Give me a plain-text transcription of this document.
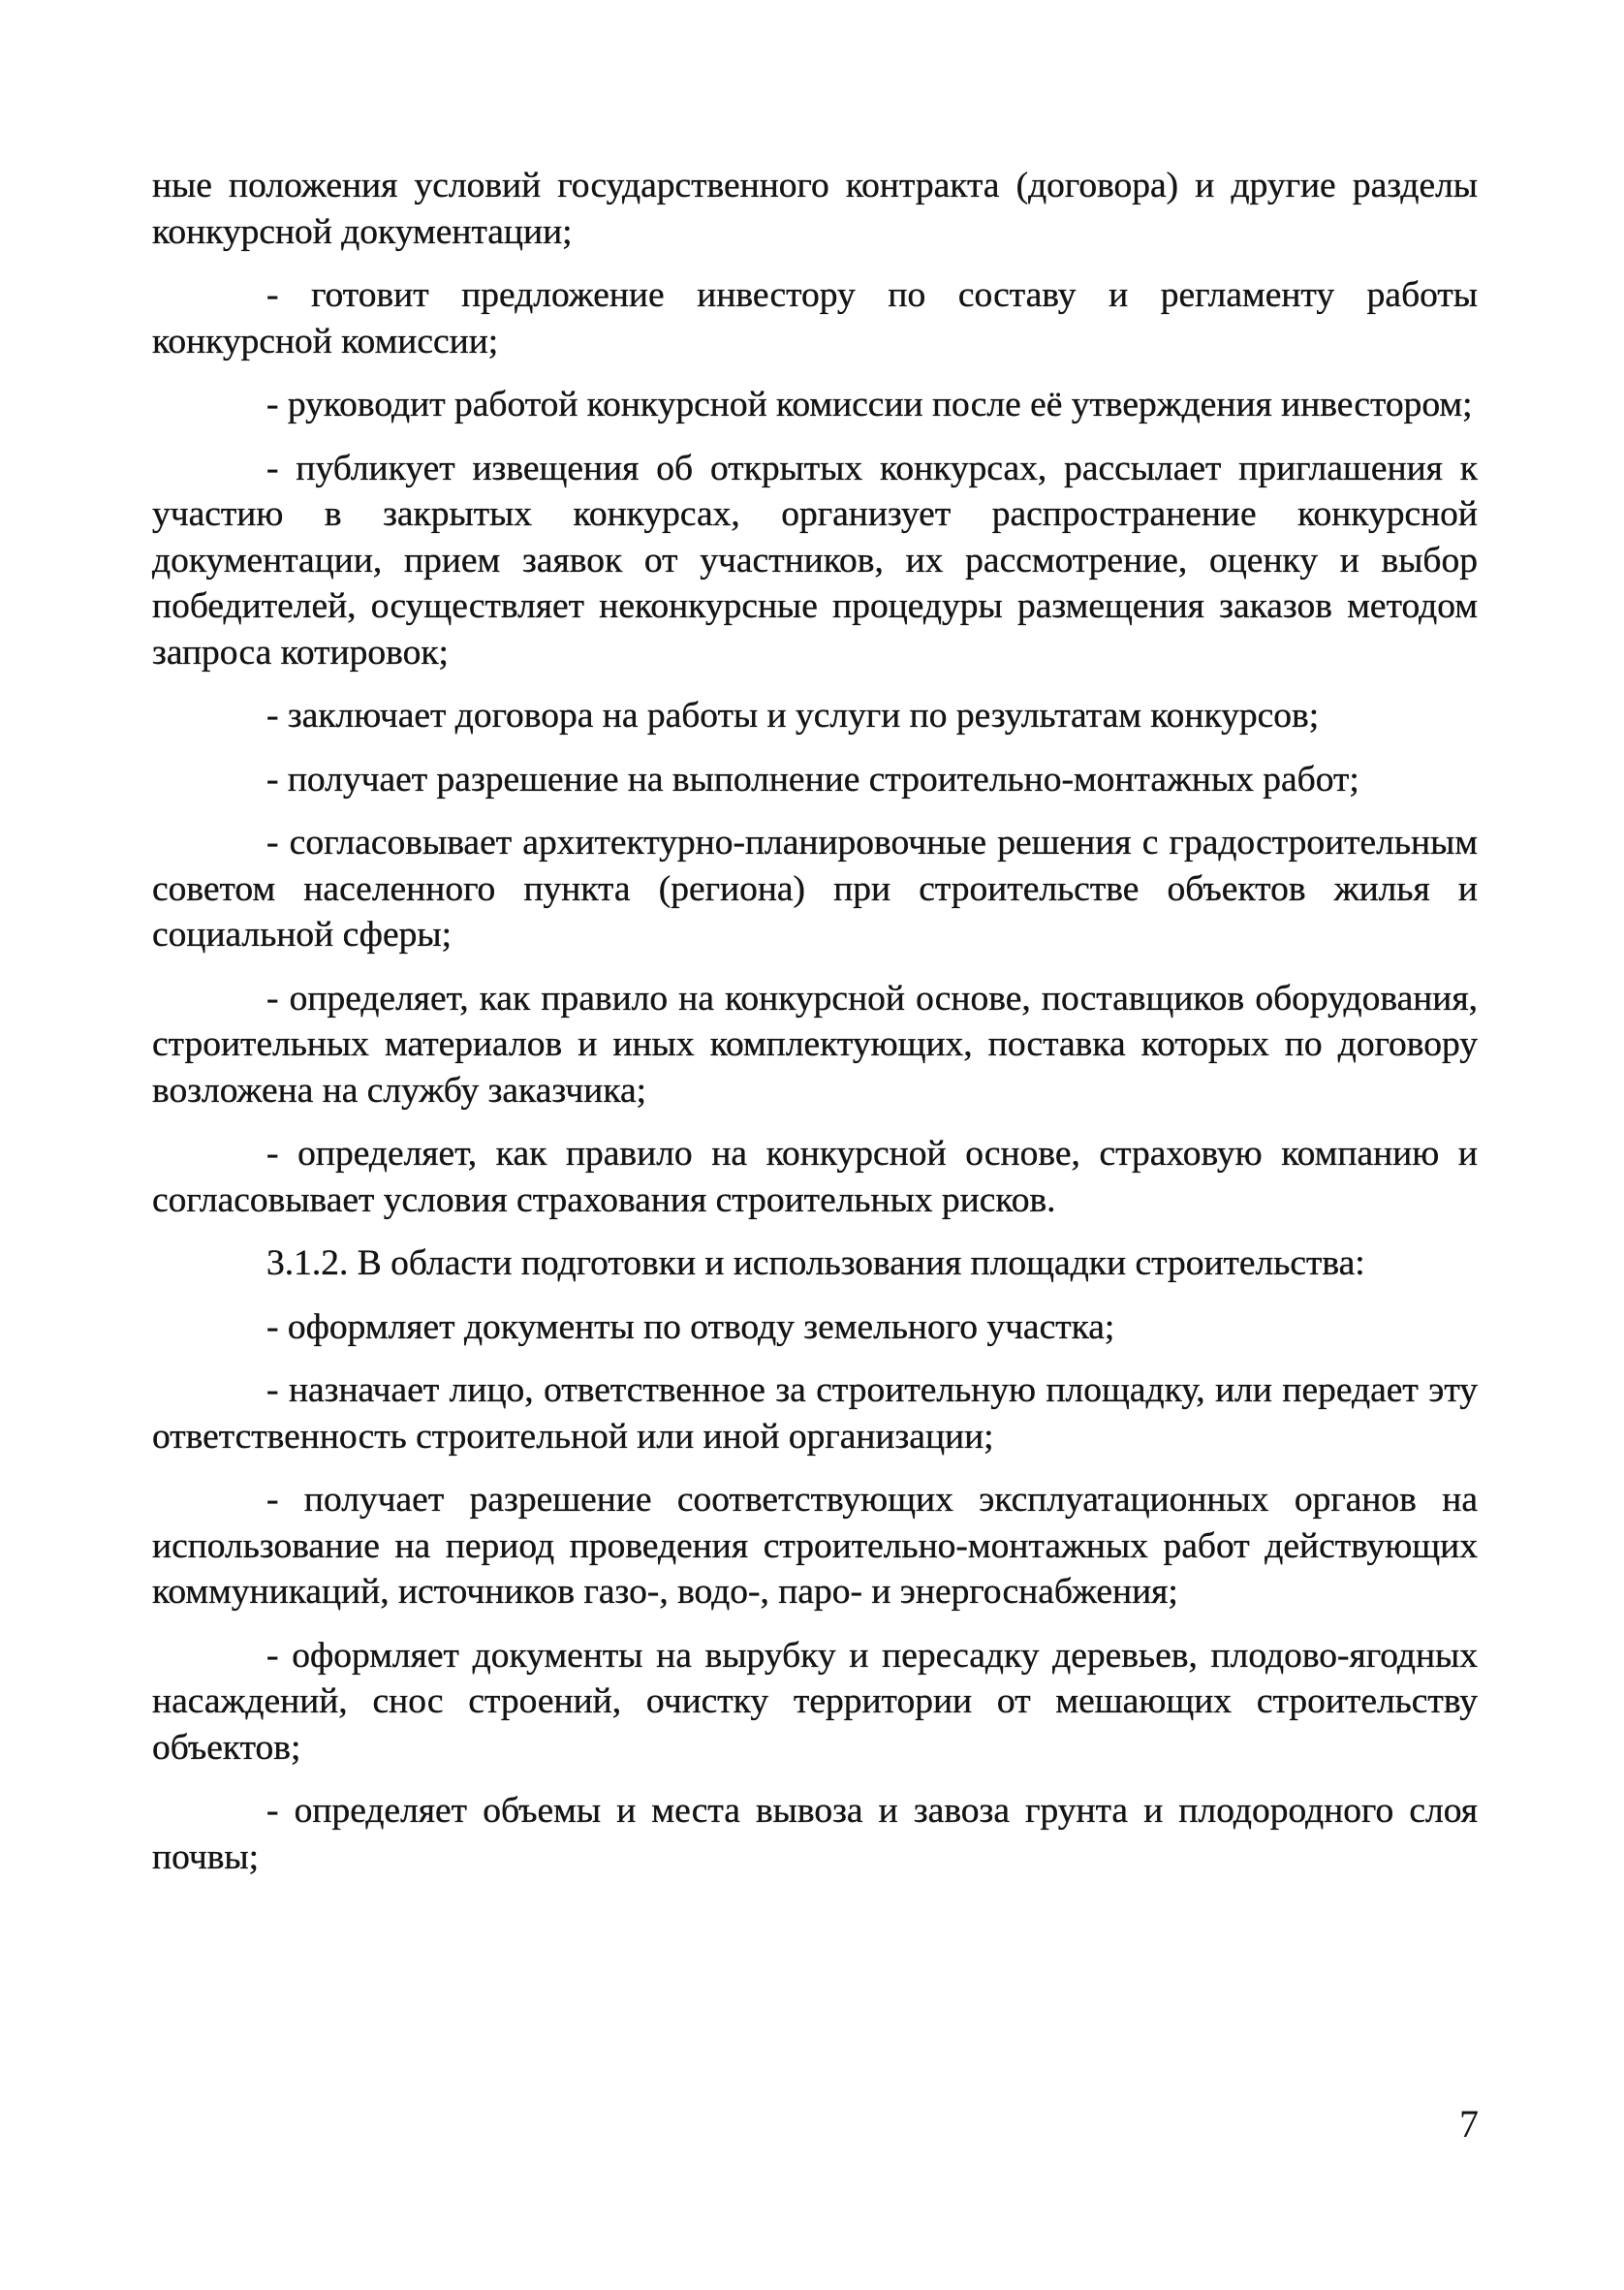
ные положения условий государственного контракта (договора) и другие разделы конкурсной документации;

- готовит предложение инвестору по составу и регламенту работы конкурсной комиссии;

- руководит работой конкурсной комиссии после её утверждения инвестором;

- публикует извещения об открытых конкурсах, рассылает приглашения к участию в закрытых конкурсах, организует распространение конкурсной документации, прием заявок от участников, их рассмотрение, оценку и выбор победителей, осуществляет неконкурсные процедуры размещения заказов методом запроса котировок;

- заключает договора на работы и услуги по результатам конкурсов;

- получает разрешение на выполнение строительно-монтажных работ;

- согласовывает архитектурно-планировочные решения с градостроительным советом населенного пункта (региона) при строительстве объектов жилья и социальной сферы;

- определяет, как правило на конкурсной основе, поставщиков оборудования, строительных материалов и иных комплектующих, поставка которых по договору возложена на службу заказчика;

- определяет, как правило на конкурсной основе, страховую компанию и согласовывает условия страхования строительных рисков.

3.1.2. В области подготовки и использования площадки строительства:

- оформляет документы по отводу земельного участка;

- назначает лицо, ответственное за строительную площадку, или передает эту ответственность строительной или иной организации;

- получает разрешение соответствующих эксплуатационных органов на использование на период проведения строительно-монтажных работ действующих коммуникаций, источников газо-, водо-, паро- и энергоснабжения;

- оформляет документы на вырубку и пересадку деревьев, плодово-ягодных насаждений, снос строений, очистку территории от мешающих строительству объектов;

- определяет объемы и места вывоза и завоза грунта и плодородного слоя почвы;

7
